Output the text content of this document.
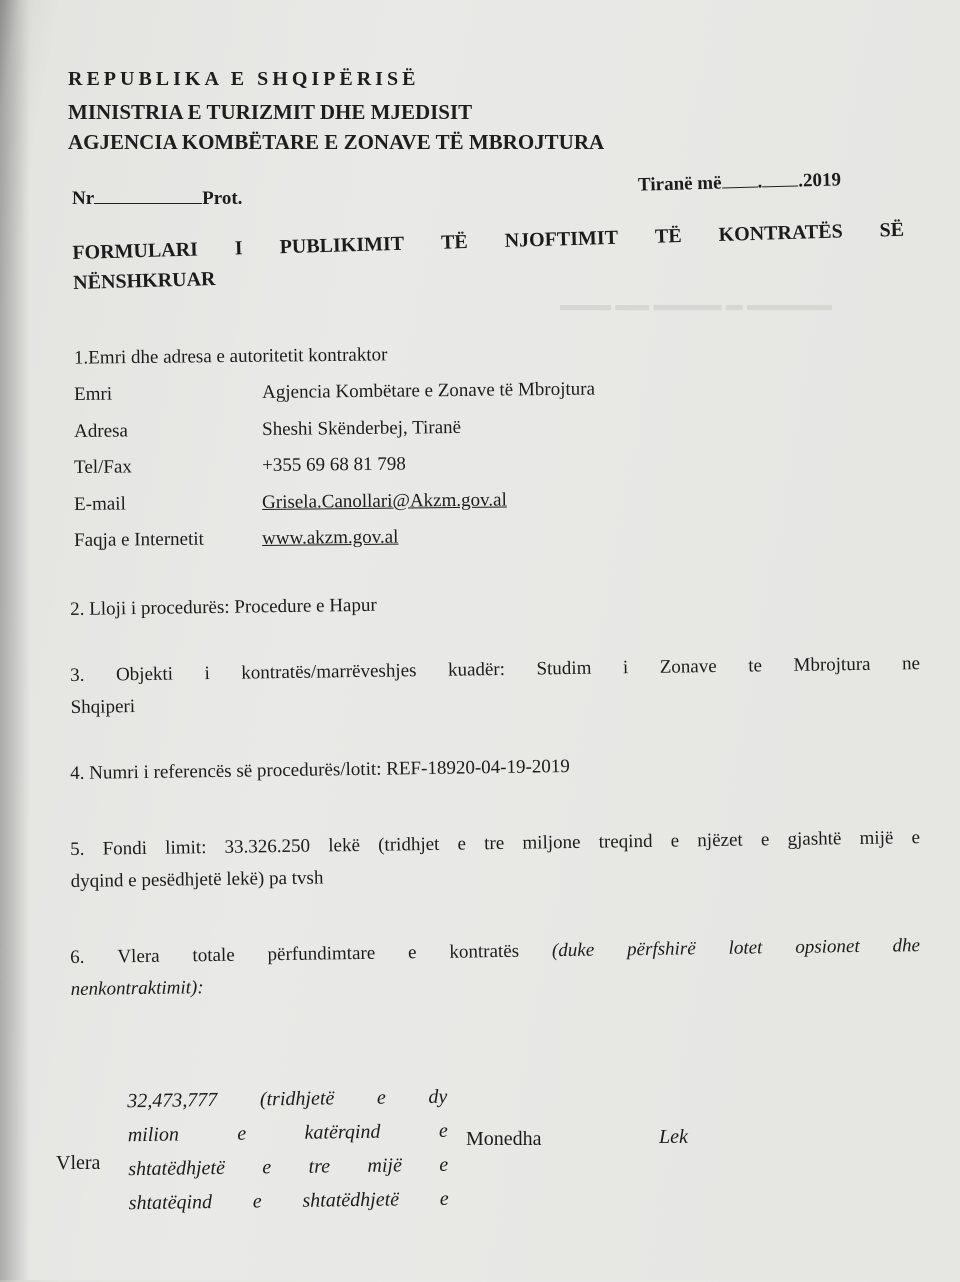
▬▬▬ ▬▬ ▬▬▬▬ ▬ ▬▬▬▬▬
REPUBLIKA E SHQIPËRISË
MINISTRIA E TURIZMIT DHE MJEDISIT
AGJENCIA KOMBËTARE E ZONAVE TË MBROJTURA
Nr	Prot.
Tiranë më . .2019
FORMULARI I PUBLIKIMIT TË NJOFTIMIT TË KONTRATËS SË
NËNSHKRUAR
1.Emri dhe adresa e autoritetit kontraktor
Emri	Agjencia Kombëtare e Zonave të Mbrojtura
Adresa	Sheshi Skënderbej, Tiranë
Tel/Fax	+355 69 68 81 798
E-mail	Grisela.Canollari@Akzm.gov.al
Faqja e Internetit	www.akzm.gov.al
2. Lloji i procedurës: Procedure e Hapur
3. Objekti i kontratës/marrëveshjes kuadër: Studim i Zonave te Mbrojtura ne
Shqiperi
4. Numri i referencës së procedurës/lotit: REF-18920-04-19-2019
5. Fondi limit: 33.326.250 lekë (tridhjet e tre miljone treqind e njëzet e gjashtë mijë e
dyqind e pesëdhjetë lekë) pa tvsh
6. Vlera totale përfundimtare e kontratës (duke përfshirë lotet opsionet dhe
nenkontraktimit):
Vlera
32,473,777 (tridhjetë e dy
milion	e	katërqind	e
shtatëdhjetë e tre mijë e
shtatëqind e shtatëdhjetë e
Monedha	Lek
